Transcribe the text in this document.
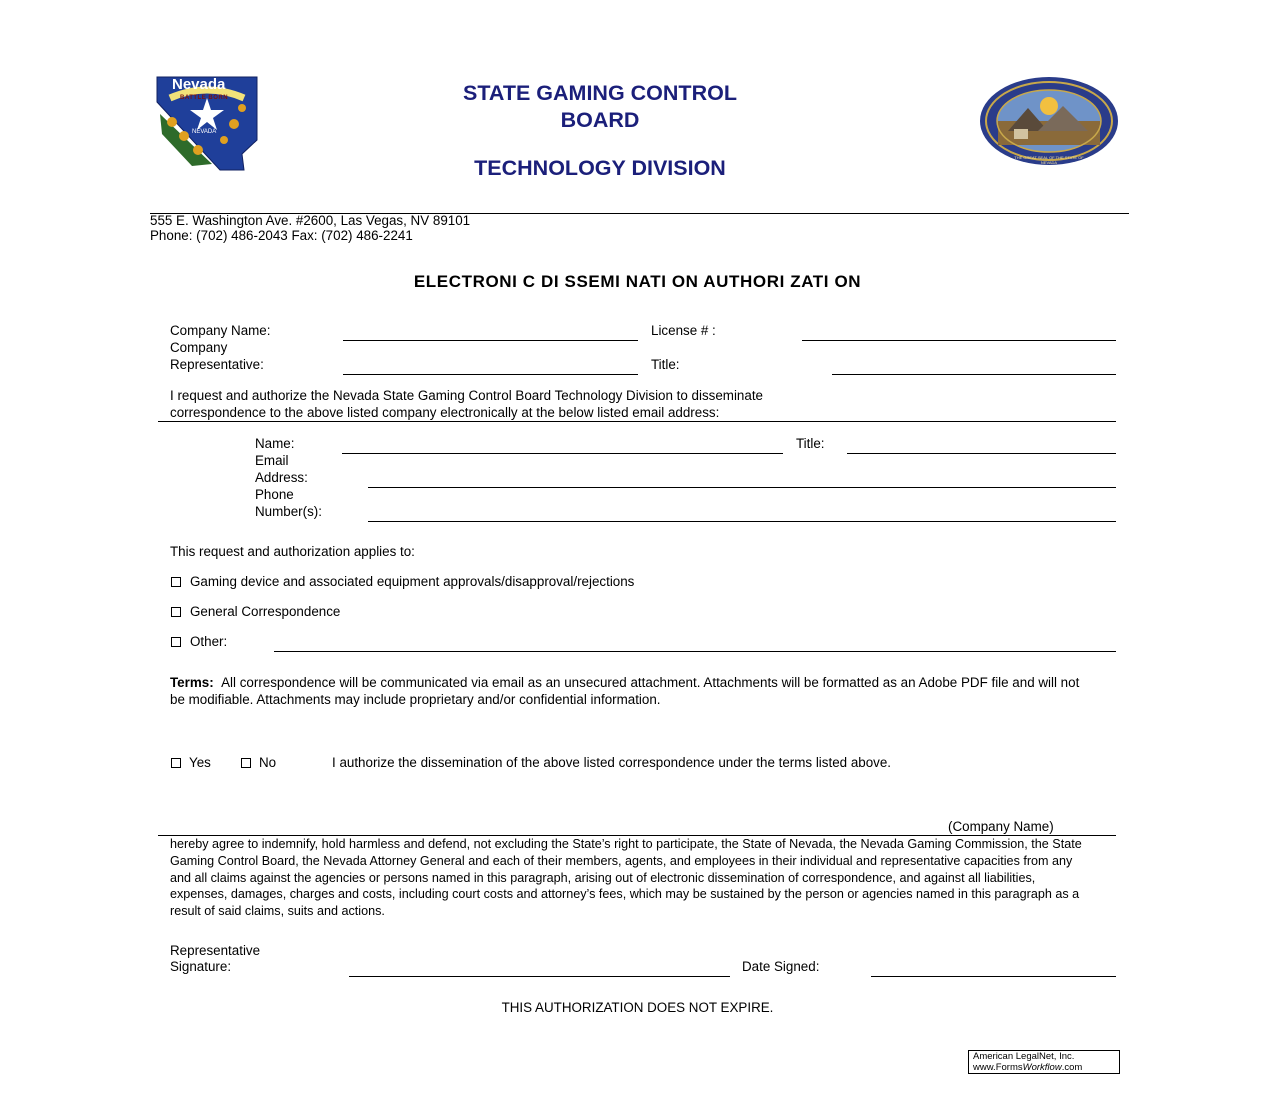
Nevada
BATTLE BORN
NEVADA
STATE GAMING CONTROL
BOARD
TECHNOLOGY DIVISION	THE GREAT SEAL OF THE STATE OF NEVADA
555 E. Washington Ave. #2600, Las Vegas, NV 89101
Phone: (702) 486-2043 Fax: (702) 486-2241
ELECTRONI C DI SSEMI NATI ON AUTHORI ZATI ON
Company Name:	License # :
Company
Representative:	Title:
I request and authorize the Nevada State Gaming Control Board Technology Division to disseminate
correspondence to the above listed company electronically at the below listed email address:
Name:	Title:
Email
Address:
Phone
Number(s):
This request and authorization applies to:
Gaming device and associated equipment approvals/disapproval/rejections
General Correspondence
Other:
Terms: All correspondence will be communicated via email as an unsecured attachment. Attachments will be formatted as an Adobe PDF file and will not be modifiable. Attachments may include proprietary and/or confidential information.
Yes	No	I authorize the dissemination of the above listed correspondence under the terms listed above.
(Company Name)
hereby agree to indemnify, hold harmless and defend, not excluding the State’s right to participate, the State of Nevada, the Nevada Gaming Commission, the State Gaming Control Board, the Nevada Attorney General and each of their members, agents, and employees in their individual and representative capacities from any and all claims against the agencies or persons named in this paragraph, arising out of electronic dissemination of correspondence, and against all liabilities, expenses, damages, charges and costs, including court costs and attorney’s fees, which may be sustained by the person or agencies named in this paragraph as a result of said claims, suits and actions.
Representative
Signature:	Date Signed:
THIS AUTHORIZATION DOES NOT EXPIRE.
American LegalNet, Inc.
www.FormsWorkflow.com
